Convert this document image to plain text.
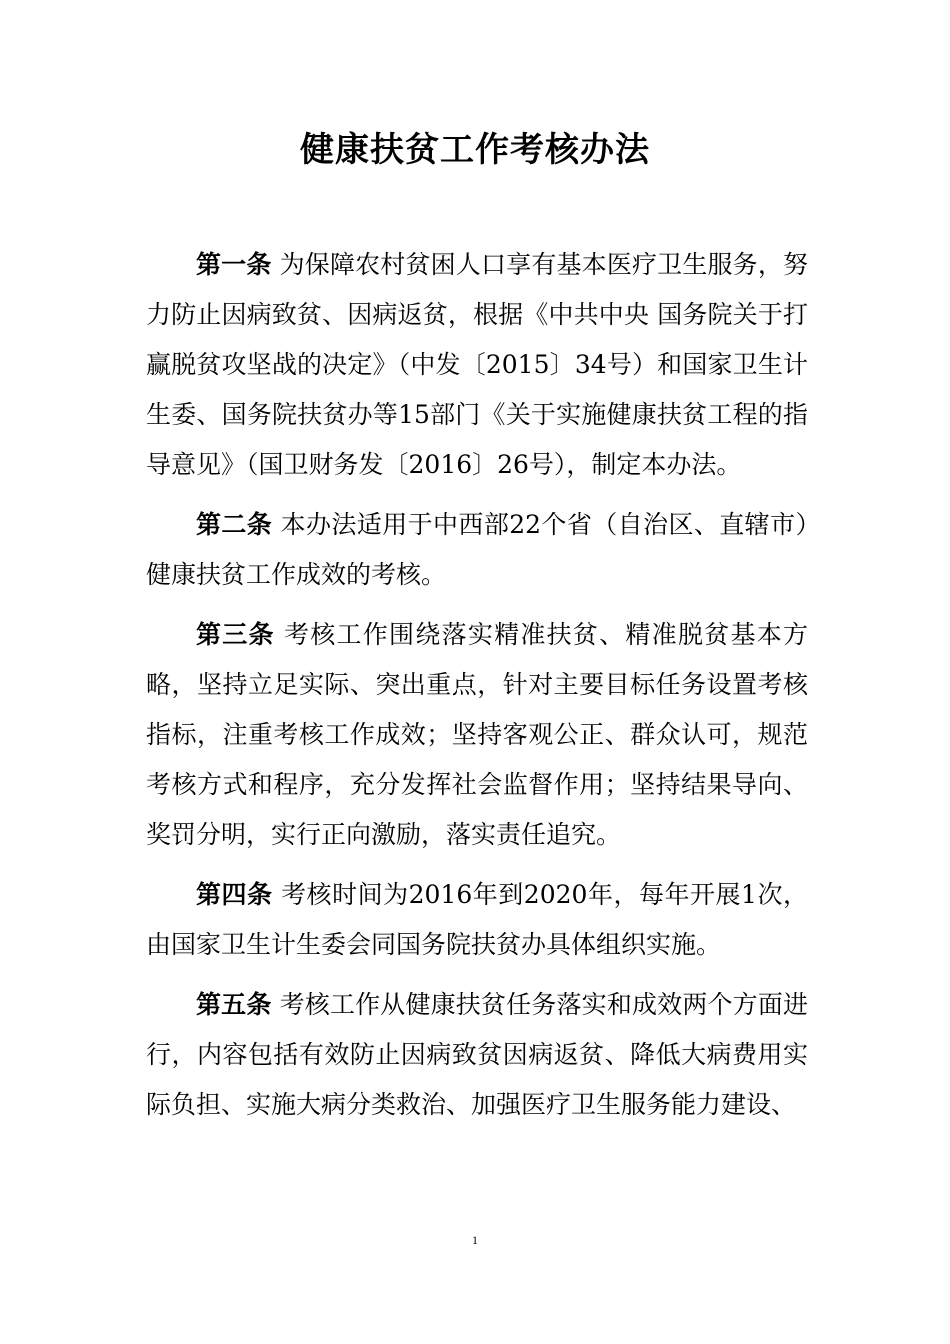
健康扶贫工作考核办法

第一条 为保障农村贫困人口享有基本医疗卫生服务，努力防止因病致贫、因病返贫，根据《中共中央 国务院关于打赢脱贫攻坚战的决定》（中发〔2015〕34号）和国家卫生计生委、国务院扶贫办等15部门《关于实施健康扶贫工程的指导意见》（国卫财务发〔2016〕26号），制定本办法。

第二条 本办法适用于中西部22个省（自治区、直辖市）健康扶贫工作成效的考核。

第三条 考核工作围绕落实精准扶贫、精准脱贫基本方略，坚持立足实际、突出重点，针对主要目标任务设置考核指标，注重考核工作成效；坚持客观公正、群众认可，规范考核方式和程序，充分发挥社会监督作用；坚持结果导向、奖罚分明，实行正向激励，落实责任追究。

第四条 考核时间为2016年到2020年，每年开展1次，由国家卫生计生委会同国务院扶贫办具体组织实施。

第五条 考核工作从健康扶贫任务落实和成效两个方面进行，内容包括有效防止因病致贫因病返贫、降低大病费用实际负担、实施大病分类救治、加强医疗卫生服务能力建设、

1
